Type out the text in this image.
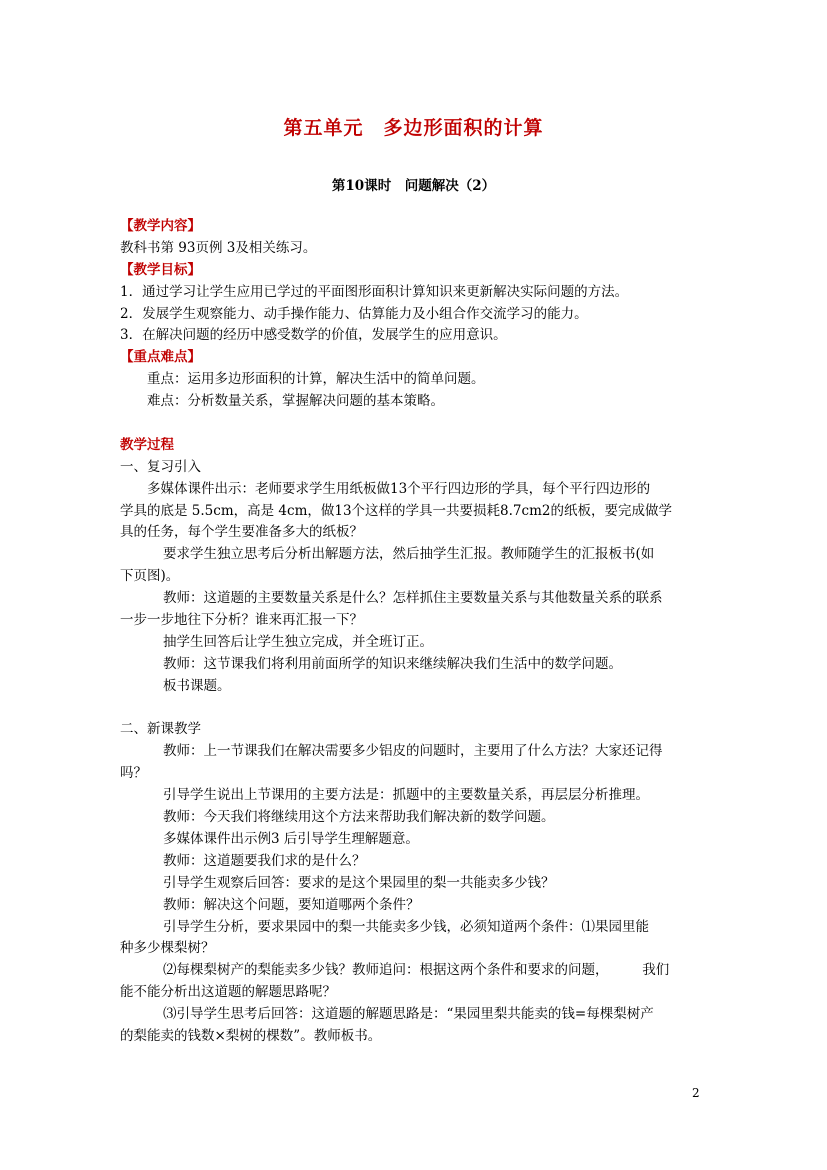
第五单元　多边形面积的计算
第10课时　问题解决（2）
【教学内容】
教科书第 93页例 3及相关练习。
【教学目标】
1．通过学习让学生应用已学过的平面图形面积计算知识来更新解决实际问题的方法。
2．发展学生观察能力、动手操作能力、估算能力及小组合作交流学习的能力。
3．在解决问题的经历中感受数学的价值，发展学生的应用意识。
【重点难点】
重点：运用多边形面积的计算，解决生活中的简单问题。
难点：分析数量关系，掌握解决问题的基本策略。
教学过程
一、复习引入
多媒体课件出示：老师要求学生用纸板做13个平行四边形的学具，每个平行四边形的
学具的底是 5.5cm，高是 4cm，做13个这样的学具一共要损耗8.7cm2的纸板，要完成做学
具的任务，每个学生要准备多大的纸板？
要求学生独立思考后分析出解题方法，然后抽学生汇报。教师随学生的汇报板书(如
下页图)。
教师：这道题的主要数量关系是什么？怎样抓住主要数量关系与其他数量关系的联系
一步一步地往下分析？谁来再汇报一下？
抽学生回答后让学生独立完成，并全班订正。
教师：这节课我们将利用前面所学的知识来继续解决我们生活中的数学问题。
板书课题。
二、新课教学
教师：上一节课我们在解决需要多少铝皮的问题时，主要用了什么方法？大家还记得
吗？
引导学生说出上节课用的主要方法是：抓题中的主要数量关系，再层层分析推理。
教师：今天我们将继续用这个方法来帮助我们解决新的数学问题。
多媒体课件出示例3 后引导学生理解题意。
教师：这道题要我们求的是什么？
引导学生观察后回答：要求的是这个果园里的梨一共能卖多少钱？
教师：解决这个问题，要知道哪两个条件？
引导学生分析，要求果园中的梨一共能卖多少钱，必须知道两个条件：⑴果园里能
种多少棵梨树？
⑵每棵梨树产的梨能卖多少钱？教师追问：根据这两个条件和要求的问题，　　　我们
能不能分析出这道题的解题思路呢？
⑶引导学生思考后回答：这道题的解题思路是：“果园里梨共能卖的钱=每棵梨树产
的梨能卖的钱数×梨树的棵数”。教师板书。
2
